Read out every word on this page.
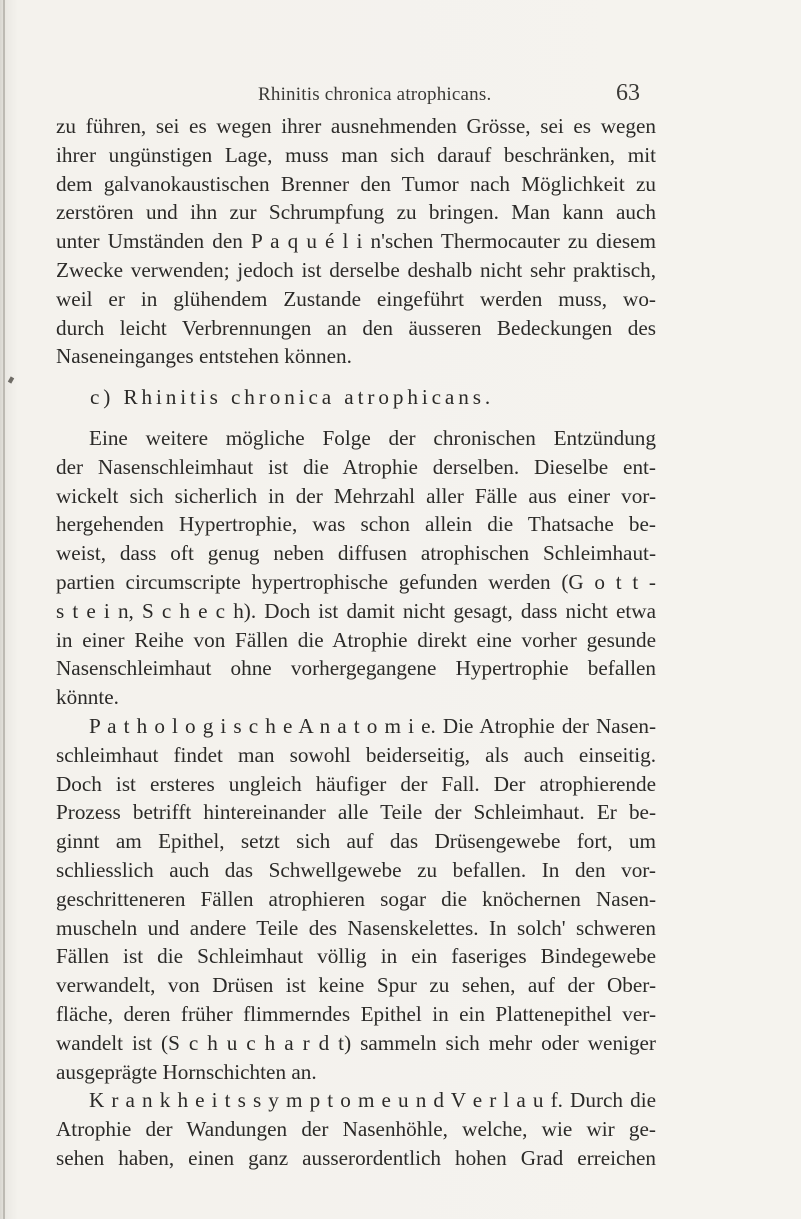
Rhinitis chronica atrophicans.	63
zu führen, sei es wegen ihrer ausnehmenden Grösse, sei es wegen
ihrer ungünstigen Lage, muss man sich darauf beschränken, mit
dem galvanokaustischen Brenner den Tumor nach Möglichkeit zu
zerstören und ihn zur Schrumpfung zu bringen. Man kann auch
unter Umständen den P a q u é l i n'schen Thermocauter zu diesem
Zwecke verwenden; jedoch ist derselbe deshalb nicht sehr praktisch,
weil er in glühendem Zustande eingeführt werden muss, wo-
durch leicht Verbrennungen an den äusseren Bedeckungen des
Naseneinganges entstehen können.
c) Rhinitis chronica atrophicans.
Eine weitere mögliche Folge der chronischen Entzündung
der Nasenschleimhaut ist die Atrophie derselben. Dieselbe ent-
wickelt sich sicherlich in der Mehrzahl aller Fälle aus einer vor-
hergehenden Hypertrophie, was schon allein die Thatsache be-
weist, dass oft genug neben diffusen atrophischen Schleimhaut-
partien circumscripte hypertrophische gefunden werden (G o t t -
s t e i n, S c h e c h). Doch ist damit nicht gesagt, dass nicht etwa
in einer Reihe von Fällen die Atrophie direkt eine vorher gesunde
Nasenschleimhaut ohne vorhergegangene Hypertrophie befallen
könnte.
P a t h o l o g i s c h e A n a t o m i e. Die Atrophie der Nasen-
schleimhaut findet man sowohl beiderseitig, als auch einseitig.
Doch ist ersteres ungleich häufiger der Fall. Der atrophierende
Prozess betrifft hintereinander alle Teile der Schleimhaut. Er be-
ginnt am Epithel, setzt sich auf das Drüsengewebe fort, um
schliesslich auch das Schwellgewebe zu befallen. In den vor-
geschritteneren Fällen atrophieren sogar die knöchernen Nasen-
muscheln und andere Teile des Nasenskelettes. In solch' schweren
Fällen ist die Schleimhaut völlig in ein faseriges Bindegewebe
verwandelt, von Drüsen ist keine Spur zu sehen, auf der Ober-
fläche, deren früher flimmerndes Epithel in ein Plattenepithel ver-
wandelt ist (S c h u c h a r d t) sammeln sich mehr oder weniger
ausgeprägte Hornschichten an.
K r a n k h e i t s s y m p t o m e u n d V e r l a u f. Durch die
Atrophie der Wandungen der Nasenhöhle, welche, wie wir ge-
sehen haben, einen ganz ausserordentlich hohen Grad erreichen
